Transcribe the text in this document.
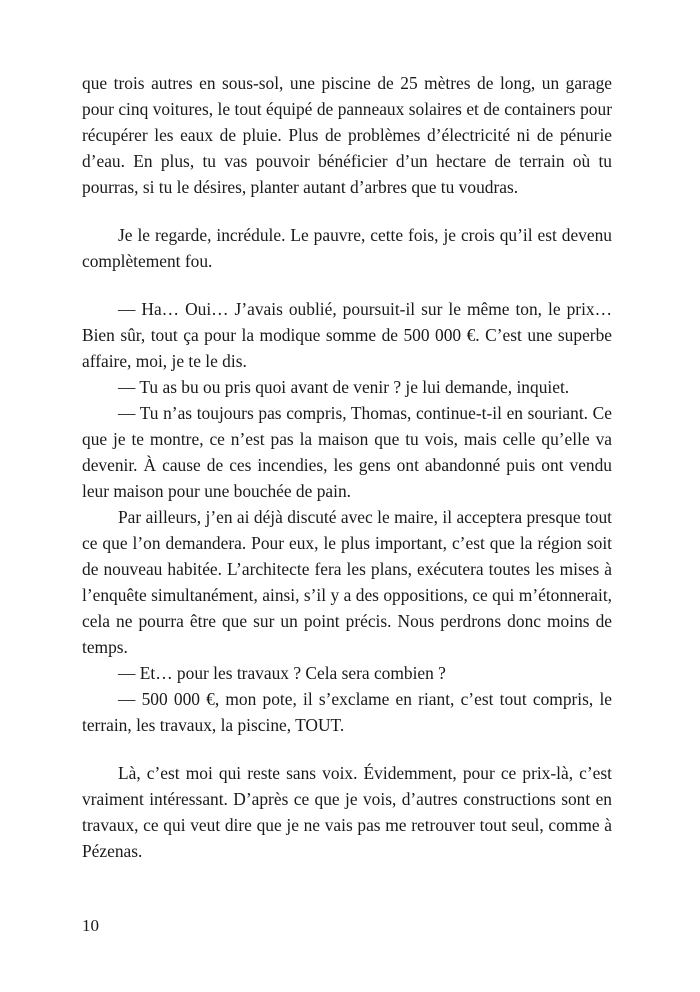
que trois autres en sous-sol, une piscine de 25 mètres de long, un garage pour cinq voitures, le tout équipé de panneaux solaires et de containers pour récupérer les eaux de pluie. Plus de problèmes d’électricité ni de pénurie d’eau. En plus, tu vas pouvoir bénéficier d’un hectare de terrain où tu pourras, si tu le désires, planter autant d’arbres que tu voudras.

Je le regarde, incrédule. Le pauvre, cette fois, je crois qu’il est devenu complètement fou.

— Ha… Oui… J’avais oublié, poursuit-il sur le même ton, le prix… Bien sûr, tout ça pour la modique somme de 500 000 €. C’est une superbe affaire, moi, je te le dis.

— Tu as bu ou pris quoi avant de venir ? je lui demande, inquiet.

— Tu n’as toujours pas compris, Thomas, continue-t-il en souriant. Ce que je te montre, ce n’est pas la maison que tu vois, mais celle qu’elle va devenir. À cause de ces incendies, les gens ont abandonné puis ont vendu leur maison pour une bouchée de pain.

Par ailleurs, j’en ai déjà discuté avec le maire, il acceptera presque tout ce que l’on demandera. Pour eux, le plus important, c’est que la région soit de nouveau habitée. L’architecte fera les plans, exécutera toutes les mises à l’enquête simultanément, ainsi, s’il y a des oppositions, ce qui m’étonnerait, cela ne pourra être que sur un point précis. Nous perdrons donc moins de temps.

— Et… pour les travaux ? Cela sera combien ?

— 500 000 €, mon pote, il s’exclame en riant, c’est tout compris, le terrain, les travaux, la piscine, TOUT.

Là, c’est moi qui reste sans voix. Évidemment, pour ce prix-là, c’est vraiment intéressant. D’après ce que je vois, d’autres constructions sont en travaux, ce qui veut dire que je ne vais pas me retrouver tout seul, comme à Pézenas.

10
